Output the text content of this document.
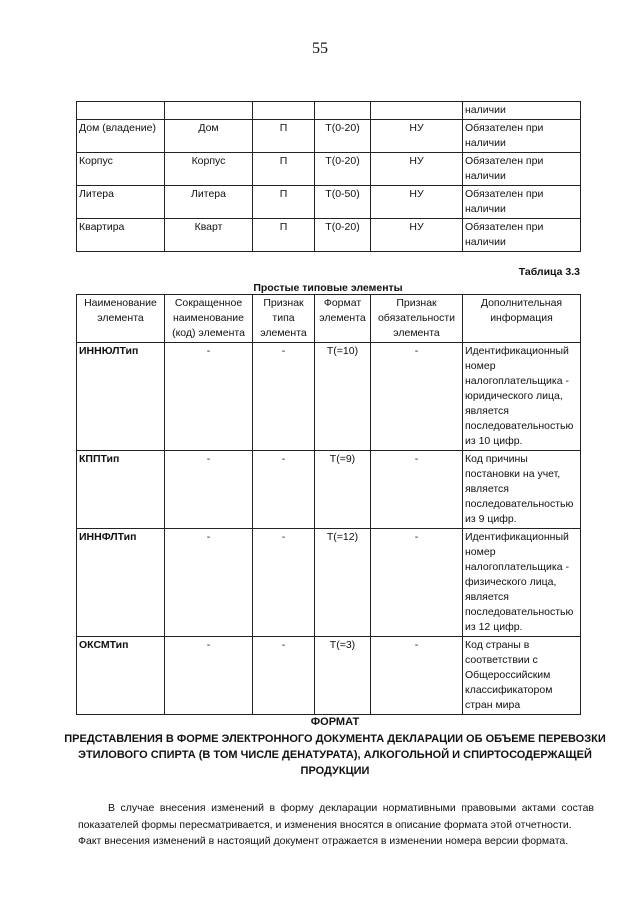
55
					наличии
Дом (владение)	Дом	П	T(0-20)	НУ	Обязателен при наличии
Корпус	Корпус	П	T(0-20)	НУ	Обязателен при наличии
Литера	Литера	П	T(0-50)	НУ	Обязателен при наличии
Квартира	Кварт	П	T(0-20)	НУ	Обязателен при наличии
Таблица 3.3
Простые типовые элементы
Наименование элемента	Сокращенное наименование (код) элемента	Признак типа элемента	Формат элемента	Признак обязательности элемента	Дополнительная информация
ИННЮЛТип	-	-	T(=10)	-	Идентификационный номер налогоплательщика - юридического лица, является последовательностью из 10 цифр.
КППТип	-	-	T(=9)	-	Код причины постановки на учет, является последовательностью из 9 цифр.
ИННФЛТип	-	-	T(=12)	-	Идентификационный номер налогоплательщика - физического лица, является последовательностью из 12 цифр.
ОКСМТип	-	-	T(=3)	-	Код страны в соответствии с Общероссийским классификатором стран мира
ФОРМАТ
ПРЕДСТАВЛЕНИЯ В ФОРМЕ ЭЛЕКТРОННОГО ДОКУМЕНТА ДЕКЛАРАЦИИ ОБ ОБЪЕМЕ ПЕРЕВОЗКИ ЭТИЛОВОГО СПИРТА (В ТОМ ЧИСЛЕ ДЕНАТУРАТА), АЛКОГОЛЬНОЙ И СПИРТОСОДЕРЖАЩЕЙ ПРОДУКЦИИ

В случае внесения изменений в форму декларации нормативными правовыми актами состав показателей формы пересматривается, и изменения вносятся в описание формата этой отчетности.

Факт внесения изменений в настоящий документ отражается в изменении номера версии формата.
